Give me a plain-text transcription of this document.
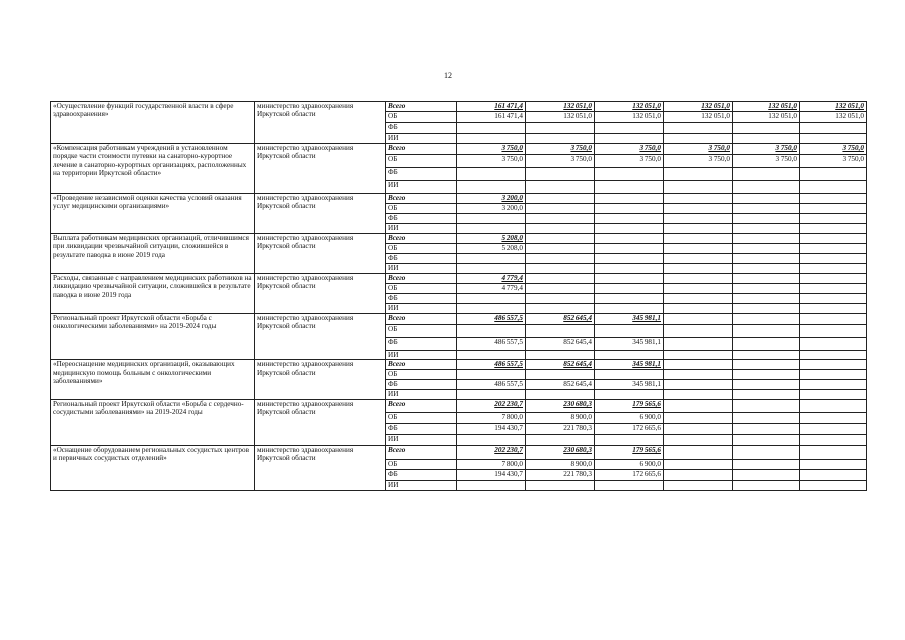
12
«Осуществление функций государственной власти в сфере здравоохранения»	министерство здравоохранения Иркутской области	Всего	161 471,4	132 051,0	132 051,0	132 051,0	132 051,0	132 051,0
		ОБ	161 471,4	132 051,0	132 051,0	132 051,0	132 051,0	132 051,0
		ФБ						
		ИИ						
«Компенсация работникам учреждений в установленном порядке части стоимости путевки на санаторно-курортное лечение в санаторно-курортных организациях, расположенных на территории Иркутской области»	министерство здравоохранения Иркутской области	Всего	3 750,0	3 750,0	3 750,0	3 750,0	3 750,0	3 750,0
		ОБ	3 750,0	3 750,0	3 750,0	3 750,0	3 750,0	3 750,0
		ФБ						
		ИИ						
«Проведение независимой оценки качества условий оказания услуг медицинскими организациями»	министерство здравоохранения Иркутской области	Всего	3 200,0					
		ОБ	3 200,0					
		ФБ						
		ИИ						
Выплата работникам медицинских организаций, отличившимся при ликвидации чрезвычайной ситуации, сложившейся в результате паводка в июне 2019 года	министерство здравоохранения Иркутской области	Всего	5 208,0					
		ОБ	5 208,0					
		ФБ						
		ИИ						
Расходы, связанные с направлением медицинских работников на ликвидацию чрезвычайной ситуации, сложившейся в результате паводка в июне 2019 года	министерство здравоохранения Иркутской области	Всего	4 779,4					
		ОБ	4 779,4					
		ФБ						
		ИИ						
Региональный проект Иркутской области «Борьба с онкологическими заболеваниями» на 2019-2024 годы	министерство здравоохранения Иркутской области	Всего	486 557,5	852 645,4	345 981,1			
		ОБ						
		ФБ	486 557,5	852 645,4	345 981,1			
		ИИ						
«Переоснащение медицинских организаций, оказывающих медицинскую помощь больным с онкологическими заболеваниями»	министерство здравоохранения Иркутской области	Всего	486 557,5	852 645,4	345 981,1			
		ОБ						
		ФБ	486 557,5	852 645,4	345 981,1			
		ИИ						
Региональный проект Иркутской области «Борьба с сердечно-сосудистыми заболеваниями» на 2019-2024 годы	министерство здравоохранения Иркутской области	Всего	202 230,7	230 680,3	179 565,6			
		ОБ	7 800,0	8 900,0	6 900,0			
		ФБ	194 430,7	221 780,3	172 665,6			
		ИИ						
«Оснащение оборудованием региональных сосудистых центров и первичных сосудистых отделений»	министерство здравоохранения Иркутской области	Всего	202 230,7	230 680,3	179 565,6			
		ОБ	7 800,0	8 900,0	6 900,0			
		ФБ	194 430,7	221 780,3	172 665,6			
		ИИ						
